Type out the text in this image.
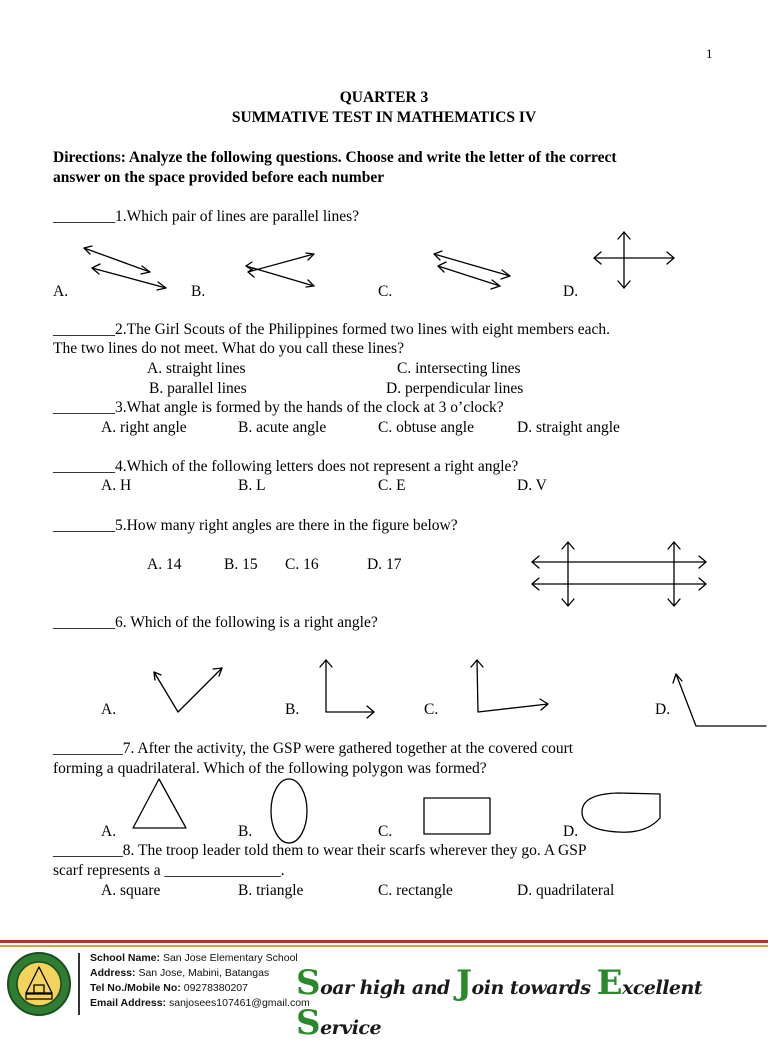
1
QUARTER 3
SUMMATIVE TEST IN MATHEMATICS IV
Directions: Analyze the following questions. Choose and write the letter of the correct
answer on the space provided before each number
________1.Which pair of lines are parallel lines?
A.	B.	C.	D.
________2.The Girl Scouts of the Philippines formed two lines with eight members each.
The two lines do not meet. What do you call these lines?
A. straight lines	C. intersecting lines
B. parallel lines	D. perpendicular lines
________3.What angle is formed by the hands of the clock at 3 o’clock?
A. right angle	B. acute angle	C. obtuse angle	D. straight angle
________4.Which of the following letters does not represent a right angle?
A. H	B. L	C. E	D. V
________5.How many right angles are there in the figure below?
A. 14	B. 15 C. 16	D. 17
________6. Which of the following is a right angle?
A.	B.	C.	D.
_________7. After the activity, the GSP were gathered together at the covered court
forming a quadrilateral. Which of the following polygon was formed?
A.	B.	C.	D.
_________8. The troop leader told them to wear their scarfs wherever they go. A GSP
scarf represents a _______________.
A. square	B. triangle	C. rectangle	D. quadrilateral
School Name: San Jose Elementary School
Address: San Jose, Mabini, Batangas
Tel No./Mobile No: 09278380207
Email Address: sanjosees107461@gmail.com
Soar high and Join towards Excellent Service
